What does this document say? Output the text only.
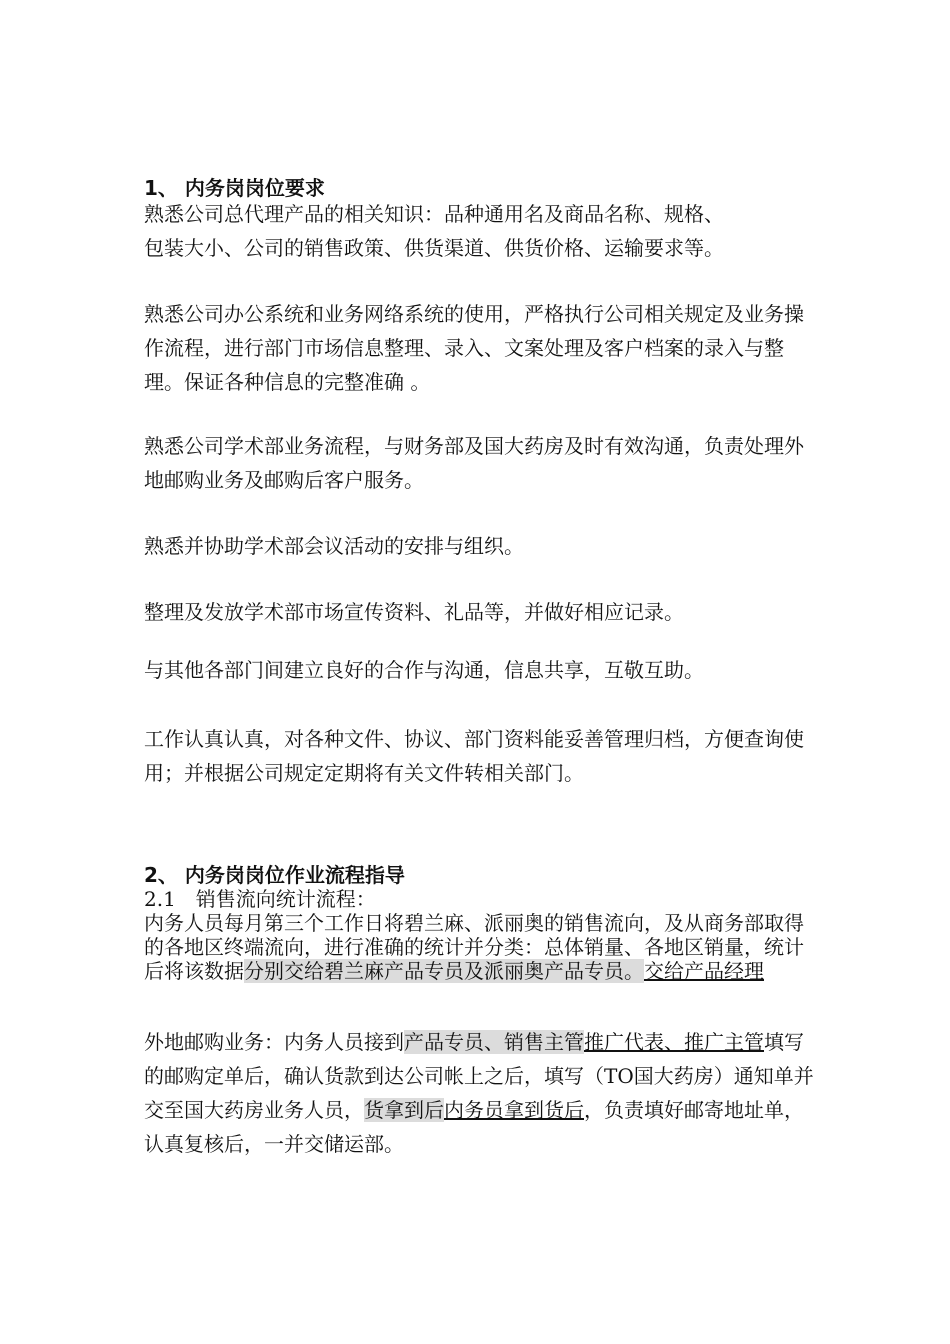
1、 内务岗岗位要求
熟悉公司总代理产品的相关知识：品种通用名及商品名称、规格、
包装大小、公司的销售政策、供货渠道、供货价格、运输要求等。
熟悉公司办公系统和业务网络系统的使用，严格执行公司相关规定及业务操作流程，进行部门市场信息整理、录入、文案处理及客户档案的录入与整理。保证各种信息的完整准确 。
熟悉公司学术部业务流程，与财务部及国大药房及时有效沟通，负责处理外地邮购业务及邮购后客户服务。
熟悉并协助学术部会议活动的安排与组织。
整理及发放学术部市场宣传资料、礼品等，并做好相应记录。
与其他各部门间建立良好的合作与沟通，信息共享，互敬互助。
工作认真认真，对各种文件、协议、部门资料能妥善管理归档，方便查询使用；并根据公司规定定期将有关文件转相关部门。
2、 内务岗岗位作业流程指导
2.1　销售流向统计流程：
内务人员每月第三个工作日将碧兰麻、派丽奥的销售流向，及从商务部取得的各地区终端流向，进行准确的统计并分类：总体销量、各地区销量，统计后将该数据分别交给碧兰麻产品专员及派丽奥产品专员。交给产品经理
外地邮购业务：内务人员接到产品专员、销售主管推广代表、推广主管填写的邮购定单后，确认货款到达公司帐上之后，填写（TO国大药房）通知单并交至国大药房业务人员，货拿到后内务员拿到货后，负责填好邮寄地址单，认真复核后，一并交储运部。
